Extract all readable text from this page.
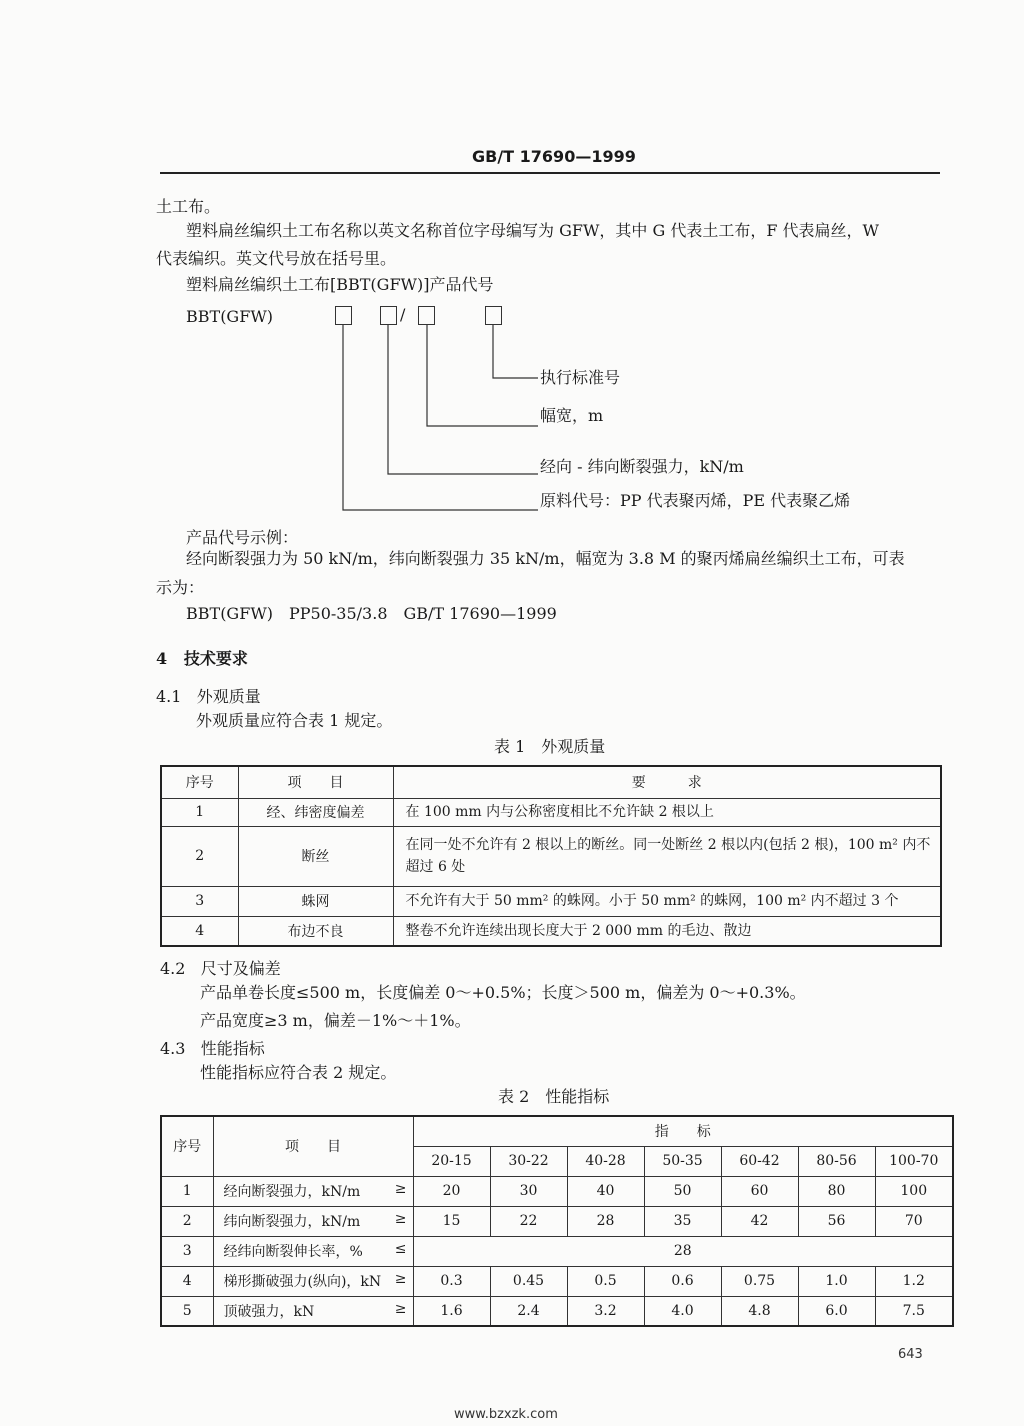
GB/T 17690—1999
土工布。
塑料扁丝编织土工布名称以英文名称首位字母编写为 GFW，其中 G 代表土工布，F 代表扁丝，W
代表编织。英文代号放在括号里。
塑料扁丝编织土工布[BBT(GFW)]产品代号
BBT(GFW)	/
执行标准号
幅宽，m
经向 - 纬向断裂强力，kN/m
原料代号：PP 代表聚丙烯，PE 代表聚乙烯
产品代号示例：
经向断裂强力为 50 kN/m，纬向断裂强力 35 kN/m，幅宽为 3.8 M 的聚丙烯扁丝编织土工布，可表
示为：
BBT(GFW)　PP50-35/3.8　GB/T 17690—1999
4 技术要求
4.1 外观质量
外观质量应符合表 1 规定。
表 1　外观质量
序号	项　　目	要　　　求
1	经、纬密度偏差	在 100 mm 内与公称密度相比不允许缺 2 根以上
2	断丝	在同一处不允许有 2 根以上的断丝。同一处断丝 2 根以内(包括 2 根)，100 m² 内不超过 6 处
3	蛛网	不允许有大于 50 mm² 的蛛网。小于 50 mm² 的蛛网，100 m² 内不超过 3 个
4	布边不良	整卷不允许连续出现长度大于 2 000 mm 的毛边、散边
4.2 尺寸及偏差
产品单卷长度≤500 m，长度偏差 0～+0.5%；长度＞500 m，偏差为 0～+0.3%。
产品宽度≥3 m，偏差－1%～＋1%。
4.3 性能指标
性能指标应符合表 2 规定。
表 2　性能指标
序号	项　　目	指　　标						
		20-15	30-22	40-28	50-35	60-42	80-56	100-70
1	经向断裂强力，kN/m ≥	20	30	40	50	60	80	100
2	纬向断裂强力，kN/m ≥	15	22	28	35	42	56	70
3	经纬向断裂伸长率，% ≤	28						
4	梯形撕破强力(纵向)，kN ≥	0.3	0.45	0.5	0.6	0.75	1.0	1.2
5	顶破强力，kN ≥	1.6	2.4	3.2	4.0	4.8	6.0	7.5
643
www.bzxzk.com
